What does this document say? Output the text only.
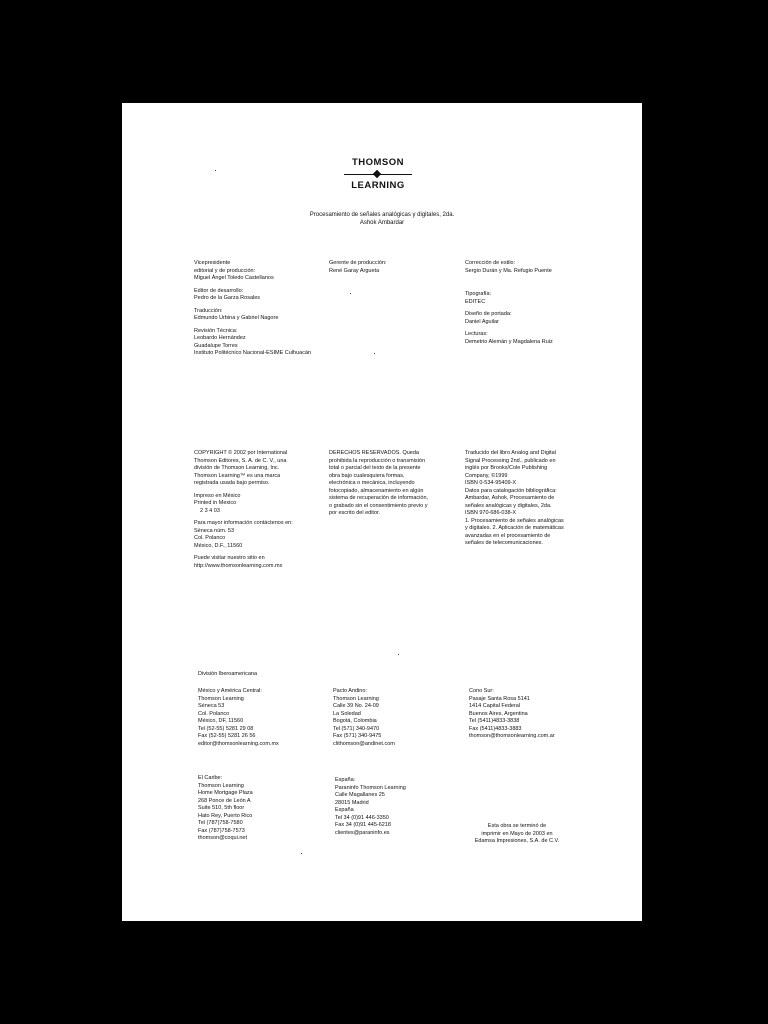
THOMSON
LEARNING
Procesamiento de señales analógicas y digitales, 2da.
Ashok Ambardar
Vicepresidente
editorial y de producción:
Miguel Ángel Toledo Castellanos
Editor de desarrollo:
Pedro de la Garza Rosales
Traducción:
Edmundo Urbina y Gabriel Nagore
Revisión Técnica:
Leobardo Hernández
Guadalupe Torres
Instituto Politécnico Nacional-ESIME Culhuacán
Gerente de producción:
René Garay Argueta
Corrección de estilo:
Sergio Durán y Ma. Refugio Puente
Tipografía:
EDITEC
Diseño de portada:
Daniel Aguilar
Lecturas:
Demetrio Alemán y Magdalena Ruiz
COPYRIGHT © 2002 por International
Thomson Editores, S. A. de C. V., una
división de Thomson Learning, Inc.
Thomson Learning™ es una marca
registrada usada bajo permiso.
Impreso en México
Printed in Mexico
2 3 4 03
Para mayor información contáctenos en:
Séneca núm. 53
Col. Polanco
México, D.F., 11560
Puede visitar nuestro sitio en
http://www.thomsonlearning.com.mx
DERECHOS RESERVADOS. Queda
prohibida la reproducción o transmisión
total o parcial del texto de la presente
obra bajo cualesquiera formas,
electrónica o mecánica, incluyendo
fotocopiado, almacenamiento en algún
sistema de recuperación de información,
o grabado sin el consentimiento previo y
por escrito del editor.
Traducido del libro Analog and Digital
Signal Processing 2nd., publicado en
inglés por Brooks/Cole Publishing
Company, ©1999
ISBN 0-534-95409-X
Datos para catalogación bibliográfica:
Ambardar, Ashok, Procesamiento de
señales analógicas y digitales, 2da.
ISBN 970-686-038-X
1. Procesamiento de señales analógicas
y digitales. 2. Aplicación de matemáticas
avanzadas en el procesamiento de
señales de telecomunicaciones.
División Iberoamericana
México y América Central:
Thomson Learning
Séneca 53
Col. Polanco
México, DF, 11560
Tel (52-55) 5281 29 08
Fax (52-55) 5281 26 56
editor@thomsonlearning.com.mx
El Caribe:
Thomson Learning
Home Mortgage Plaza
268 Ponce de León A
Suite 510, 5th floor
Hato Rey, Puerto Rico
Tel (787)758-7580
Fax (787)758-7573
thomson@coqui.net
Pacto Andino:
Thomson Learning
Calle 39 No. 24-09
La Soledad
Bogotá, Colombia
Tel (571) 340-9470
Fax (571) 340-9475
clithomson@andinet.com
España:
Paraninfo Thomson Learning
Calle Magallanes 25
28015 Madrid
España
Tel 34 (0)91 446-3350
Fax 34 (0)91 445-6218
clientes@paraninfo.es
Cono Sur:
Pasaje Santa Rosa 5141
1414 Capital Federal
Buenos Aires, Argentina
Tel (5411)4833-3838
Fax (5411)4833-3883
thomson@thomsonlearning.com.ar
Esta obra se terminó de
imprimir en Mayo de 2003 en
Edamsa Impresiones, S.A. de C.V.
